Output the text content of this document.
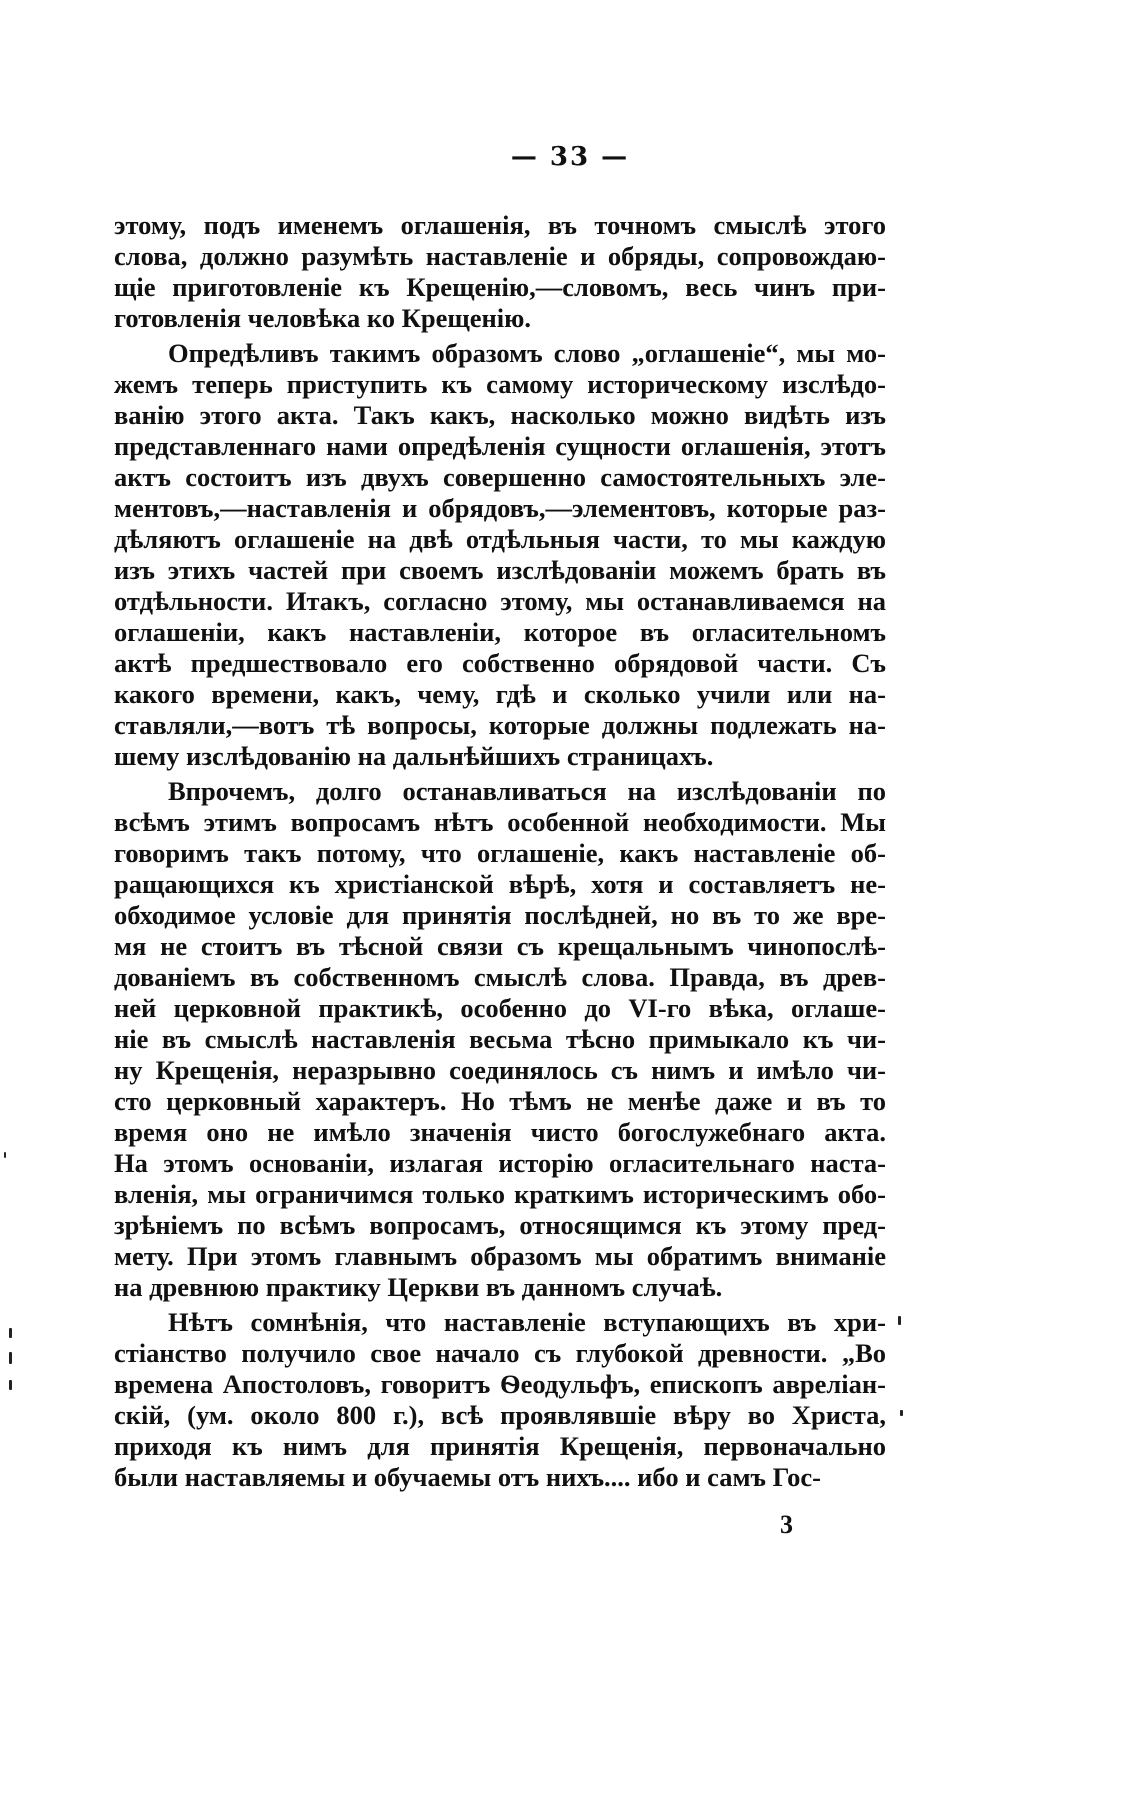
— 33 —
этому, подъ именемъ оглашенія, въ точномъ смыслѣ этого
слова, должно разумѣть наставленіе и обряды, сопровождаю-
щіе приготовленіе къ Крещенію,—словомъ, весь чинъ при-
готовленія человѣка ко Крещенію.
Опредѣливъ такимъ образомъ слово „оглашеніе“, мы мо-
жемъ теперь приступить къ самому историческому изслѣдо-
ванію этого акта. Такъ какъ, насколько можно видѣть изъ
представленнаго нами опредѣленія сущности оглашенія, этотъ
актъ состоитъ изъ двухъ совершенно самостоятельныхъ эле-
ментовъ,—наставленія и обрядовъ,—элементовъ, которые раз-
дѣляютъ оглашеніе на двѣ отдѣльныя части, то мы каждую
изъ этихъ частей при своемъ изслѣдованіи можемъ брать въ
отдѣльности. Итакъ, согласно этому, мы останавливаемся на
оглашеніи, какъ наставленіи, которое въ огласительномъ
актѣ предшествовало его собственно обрядовой части. Съ
какого времени, какъ, чему, гдѣ и сколько учили или на-
ставляли,—вотъ тѣ вопросы, которые должны подлежать на-
шему изслѣдованію на дальнѣйшихъ страницахъ.
Впрочемъ, долго останавливаться на изслѣдованіи по
всѣмъ этимъ вопросамъ нѣтъ особенной необходимости. Мы
говоримъ такъ потому, что оглашеніе, какъ наставленіе об-
ращающихся къ христіанской вѣрѣ, хотя и составляетъ не-
обходимое условіе для принятія послѣдней, но въ то же вре-
мя не стоитъ въ тѣсной связи съ крещальнымъ чинопослѣ-
дованіемъ въ собственномъ смыслѣ слова. Правда, въ древ-
ней церковной практикѣ, особенно до VI-го вѣка, оглаше-
ніе въ смыслѣ наставленія весьма тѣсно примыкало къ чи-
ну Крещенія, неразрывно соединялось съ нимъ и имѣло чи-
сто церковный характеръ. Но тѣмъ не менѣе даже и въ то
время оно не имѣло значенія чисто богослужебнаго акта.
На этомъ основаніи, излагая исторію огласительнаго наста-
вленія, мы ограничимся только краткимъ историческимъ обо-
зрѣніемъ по всѣмъ вопросамъ, относящимся къ этому пред-
мету. При этомъ главнымъ образомъ мы обратимъ вниманіе
на древнюю практику Церкви въ данномъ случаѣ.
Нѣтъ сомнѣнія, что наставленіе вступающихъ въ хри-
стіанство получило свое начало съ глубокой древности. „Во
времена Апостоловъ, говоритъ Ѳеодульфъ, епископъ авреліан-
скій, (ум. около 800 г.), всѣ проявлявшіе вѣру во Христа,
приходя къ нимъ для принятія Крещенія, первоначально
были наставляемы и обучаемы отъ нихъ.... ибо и самъ Гос-
3
